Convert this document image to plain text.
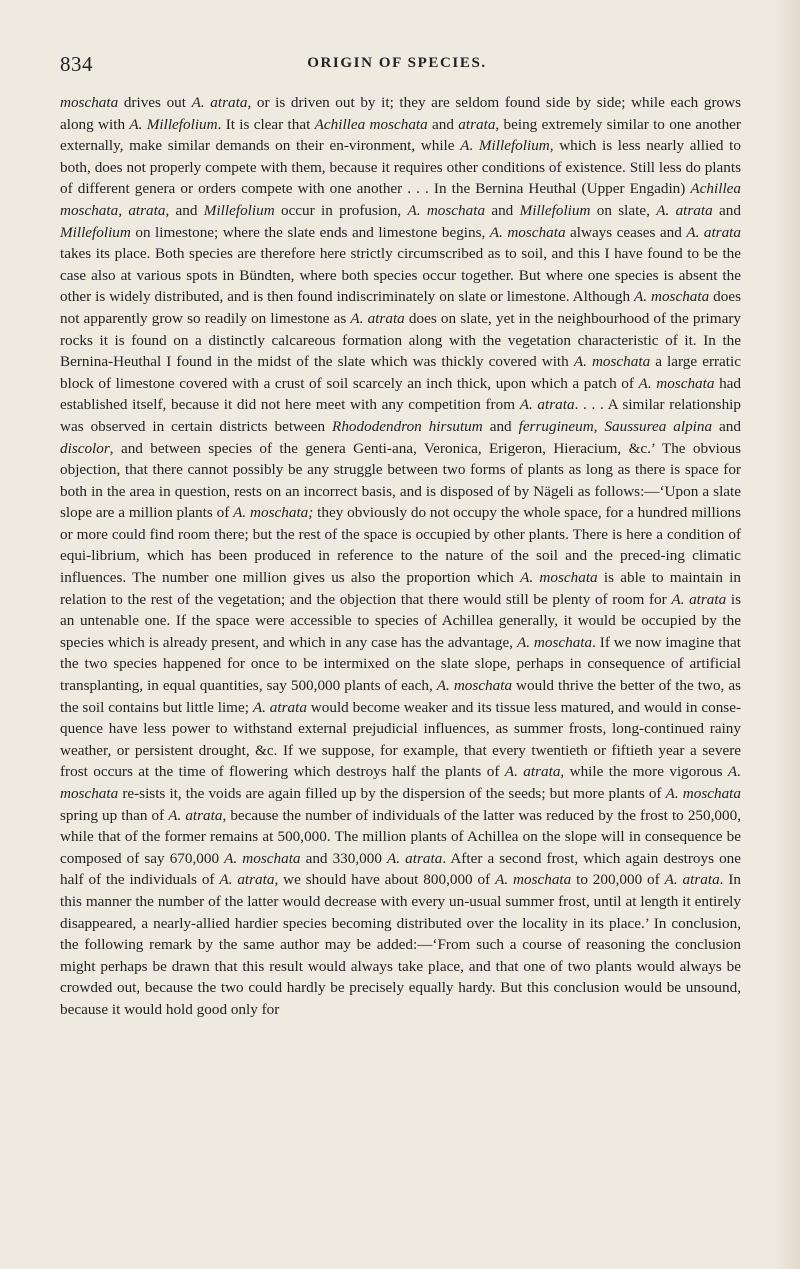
834	ORIGIN OF SPECIES.

moschata drives out A. atrata, or is driven out by it; they are seldom found side by side; while each grows along with A. Millefolium. It is clear that Achillea moschata and atrata, being extremely similar to one another externally, make similar demands on their en-vironment, while A. Millefolium, which is less nearly allied to both, does not properly compete with them, because it requires other conditions of existence. Still less do plants of different genera or orders compete with one another . . . In the Bernina Heuthal (Upper Engadin) Achillea moschata, atrata, and Millefolium occur in profusion, A. moschata and Millefolium on slate, A. atrata and Millefolium on limestone; where the slate ends and limestone begins, A. moschata always ceases and A. atrata takes its place. Both species are therefore here strictly circumscribed as to soil, and this I have found to be the case also at various spots in Bündten, where both species occur together. But where one species is absent the other is widely distributed, and is then found indiscriminately on slate or limestone. Although A. moschata does not apparently grow so readily on limestone as A. atrata does on slate, yet in the neighbourhood of the primary rocks it is found on a distinctly calcareous formation along with the vegetation characteristic of it. In the Bernina-Heuthal I found in the midst of the slate which was thickly covered with A. moschata a large erratic block of limestone covered with a crust of soil scarcely an inch thick, upon which a patch of A. moschata had established itself, because it did not here meet with any competition from A. atrata. . . . A similar relationship was observed in certain districts between Rhododendron hirsutum and ferrugineum, Saussurea alpina and discolor, and between species of the genera Genti-ana, Veronica, Erigeron, Hieracium, &c.’ The obvious objection, that there cannot possibly be any struggle between two forms of plants as long as there is space for both in the area in question, rests on an incorrect basis, and is disposed of by Nägeli as follows:—‘Upon a slate slope are a million plants of A. moschata; they obviously do not occupy the whole space, for a hundred millions or more could find room there; but the rest of the space is occupied by other plants. There is here a condition of equi-librium, which has been produced in reference to the nature of the soil and the preced-ing climatic influences. The number one million gives us also the proportion which A. moschata is able to maintain in relation to the rest of the vegetation; and the objection that there would still be plenty of room for A. atrata is an untenable one. If the space were accessible to species of Achillea generally, it would be occupied by the species which is already present, and which in any case has the advantage, A. moschata. If we now imagine that the two species happened for once to be intermixed on the slate slope, perhaps in consequence of artificial transplanting, in equal quantities, say 500,000 plants of each, A. moschata would thrive the better of the two, as the soil contains but little lime; A. atrata would become weaker and its tissue less matured, and would in conse-quence have less power to withstand external prejudicial influences, as summer frosts, long-continued rainy weather, or persistent drought, &c. If we suppose, for example, that every twentieth or fiftieth year a severe frost occurs at the time of flowering which destroys half the plants of A. atrata, while the more vigorous A. moschata re-sists it, the voids are again filled up by the dispersion of the seeds; but more plants of A. moschata spring up than of A. atrata, because the number of individuals of the latter was reduced by the frost to 250,000, while that of the former remains at 500,000. The million plants of Achillea on the slope will in consequence be composed of say 670,000 A. moschata and 330,000 A. atrata. After a second frost, which again destroys one half of the individuals of A. atrata, we should have about 800,000 of A. moschata to 200,000 of A. atrata. In this manner the number of the latter would decrease with every un-usual summer frost, until at length it entirely disappeared, a nearly-allied hardier species becoming distributed over the locality in its place.’ In conclusion, the following remark by the same author may be added:—‘From such a course of reasoning the conclusion might perhaps be drawn that this result would always take place, and that one of two plants would always be crowded out, because the two could hardly be precisely equally hardy. But this conclusion would be unsound, because it would hold good only for
